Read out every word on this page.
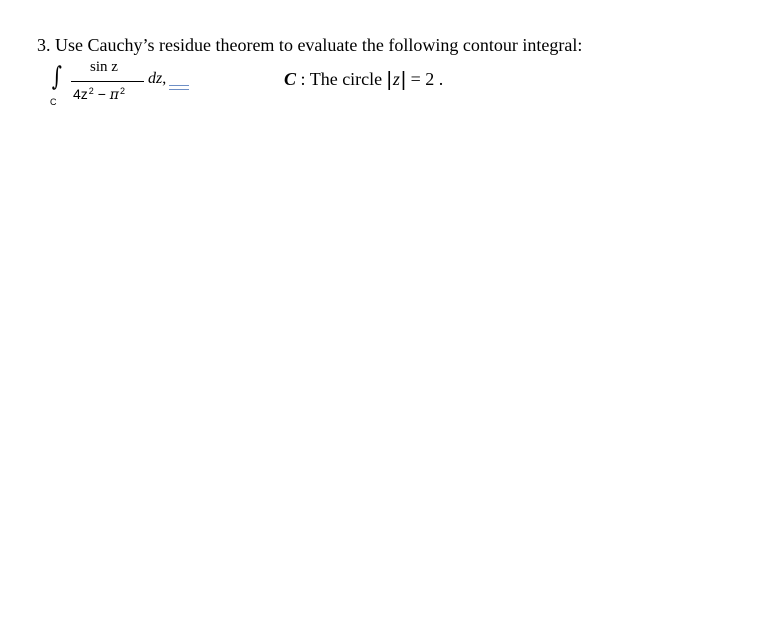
3. Use Cauchy’s residue theorem to evaluate the following contour integral:
∫
C
sin z
$4z^2 - \pi^2$
dz,	C : The circle |z| = 2 .
